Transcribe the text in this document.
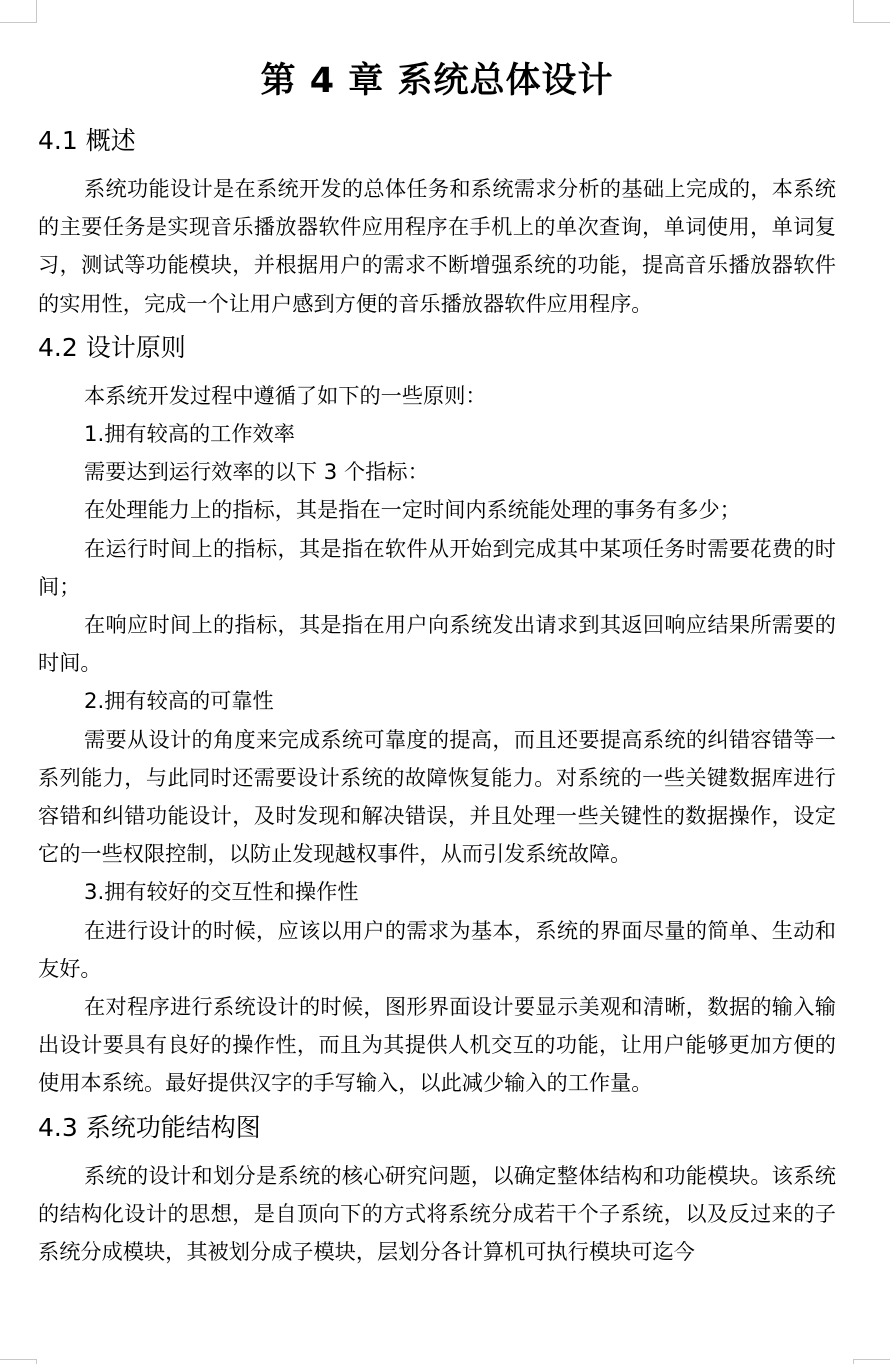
第 4 章 系统总体设计
4.1 概述

系统功能设计是在系统开发的总体任务和系统需求分析的基础上完成的，本系统的主要任务是实现音乐播放器软件应用程序在手机上的单次查询，单词使用，单词复习，测试等功能模块，并根据用户的需求不断增强系统的功能，提高音乐播放器软件的实用性，完成一个让用户感到方便的音乐播放器软件应用程序。

4.2 设计原则

本系统开发过程中遵循了如下的一些原则：

1.拥有较高的工作效率

需要达到运行效率的以下 3 个指标：

在处理能力上的指标，其是指在一定时间内系统能处理的事务有多少；

在运行时间上的指标，其是指在软件从开始到完成其中某项任务时需要花费的时间；

在响应时间上的指标，其是指在用户向系统发出请求到其返回响应结果所需要的时间。

2.拥有较高的可靠性

需要从设计的角度来完成系统可靠度的提高，而且还要提高系统的纠错容错等一系列能力，与此同时还需要设计系统的故障恢复能力。对系统的一些关键数据库进行容错和纠错功能设计，及时发现和解决错误，并且处理一些关键性的数据操作，设定它的一些权限控制，以防止发现越权事件，从而引发系统故障。

3.拥有较好的交互性和操作性

在进行设计的时候，应该以用户的需求为基本，系统的界面尽量的简单、生动和友好。

在对程序进行系统设计的时候，图形界面设计要显示美观和清晰，数据的输入输出设计要具有良好的操作性，而且为其提供人机交互的功能，让用户能够更加方便的使用本系统。最好提供汉字的手写输入，以此减少输入的工作量。

4.3 系统功能结构图

系统的设计和划分是系统的核心研究问题，以确定整体结构和功能模块。该系统的结构化设计的思想，是自顶向下的方式将系统分成若干个子系统，以及反过来的子系统分成模块，其被划分成子模块，层划分各计算机可执行模块可迄今
